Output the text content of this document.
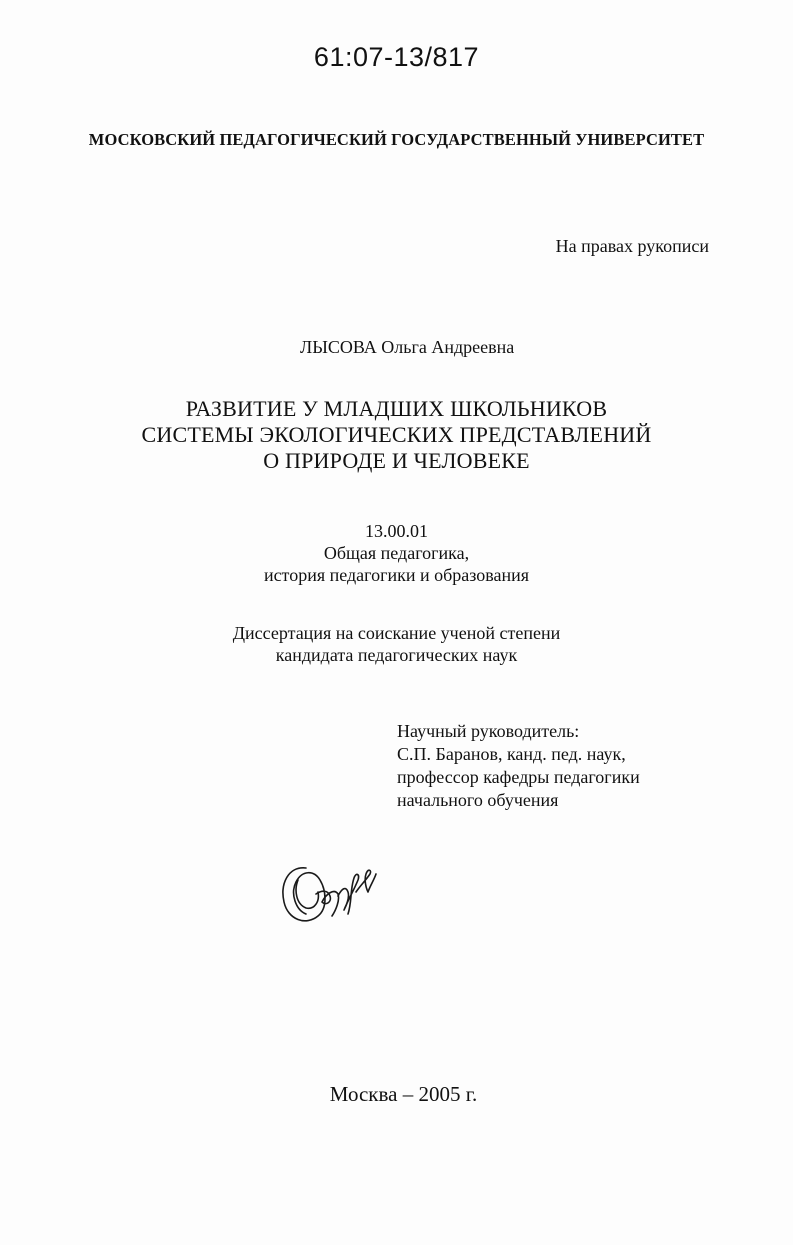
61:07-13/817
МОСКОВСКИЙ ПЕДАГОГИЧЕСКИЙ ГОСУДАРСТВЕННЫЙ УНИВЕРСИТЕТ
На правах рукописи
ЛЫСОВА Ольга Андреевна
РАЗВИТИЕ У МЛАДШИХ ШКОЛЬНИКОВ
СИСТЕМЫ ЭКОЛОГИЧЕСКИХ ПРЕДСТАВЛЕНИЙ
О ПРИРОДЕ И ЧЕЛОВЕКЕ
13.00.01
Общая педагогика,
история педагогики и образования
Диссертация на соискание ученой степени
кандидата педагогических наук
Научный руководитель:
С.П. Баранов, канд. пед. наук,
профессор кафедры педагогики
начального обучения
Москва – 2005 г.
